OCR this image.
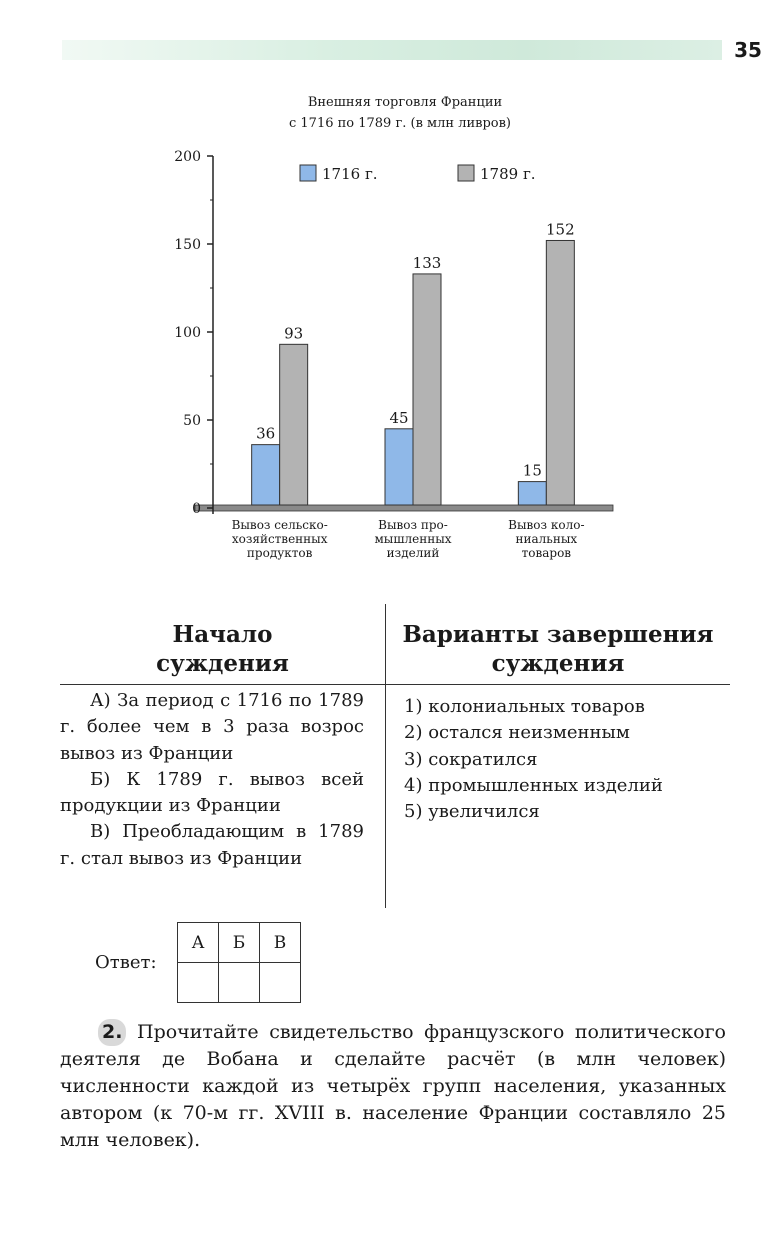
35
Внешняя торговля Франции
с 1716 по 1789 г. (в млн ливров)
0
50
100
150
200
36
93
45
133
15
152
1716 г.	1789 г.
Вывоз сельско-
хозяйственных
продуктов
Вывоз про-
мышленных
изделий
Вывоз коло-
ниальных
товаров
Начало
суждения
Варианты завершения
суждения

А) За период с 1716 по 1789 г. более чем в 3 раза возрос вывоз из Франции

Б) К 1789 г. вывоз всей продукции из Франции

В) Преобладающим в 1789 г. стал вывоз из Франции

1) колониальных товаров
2) остался неизменным
3) сократился
4) промышленных изделий
5) увеличился
Ответ:
А	Б	В

2. Прочитайте свидетельство французского политического деятеля де Вобана и сделайте расчёт (в млн человек) численности каждой из четырёх групп населения, указанных автором (к 70-м гг. XVIII в. население Франции составляло 25 млн человек).
